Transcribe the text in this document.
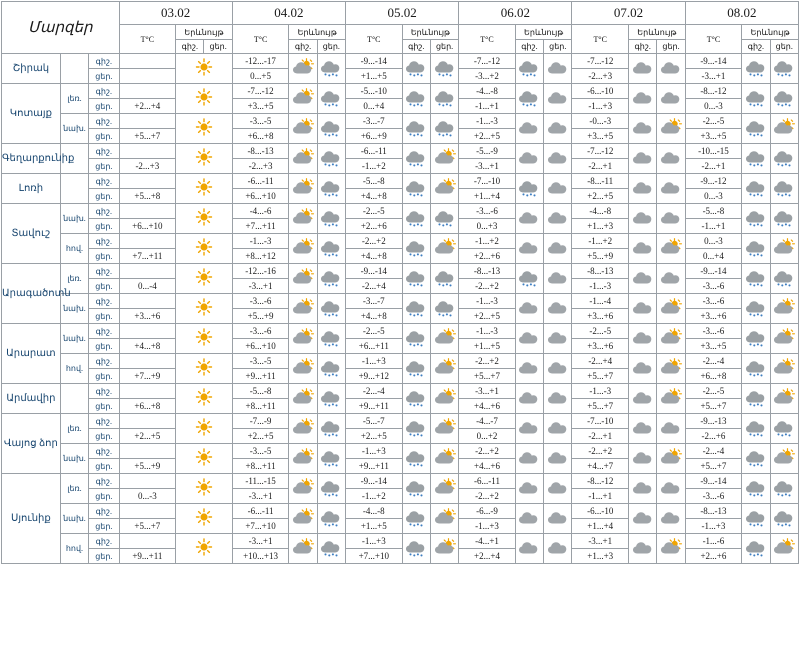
Մարզեր			03.02			04.02			05.02			06.02			07.02			08.02		
			T°C	Երևնույթ		T°C	Երևնույթ		T°C	Երևնույթ		T°C	Երևնույթ		T°C	Երևնույթ		T°C	Երևնույթ	
				գիշ.	ցեր.		գիշ.	ցեր.		գիշ.	ցեր.		գիշ.	ցեր.		գիշ.	ցեր.		գիշ.	ցեր.
Շիրակ		գիշ.				-12...-17			-9...-14			-7...-12			-7...-12			-9...-14	

		ցեր.				0...+5			+1...+5			-3...+2			-2...+3			-3...+1		
Կոտայք	լեռ.	գիշ.				-7...-12			-5...-10			-4...-8			-6...-10			-8...-12	

		ցեր.	+2...+4			+3...+5			0...+4			-1...+1			-1...+3			0...-3		
	նախ.	գիշ.				-3...-5			-3...-7			-1...-3			-0...-3			-2...-5	

		ցեր.	+5...+7			+6...+8			+6...+9			+2...+5			+3...+5			+3...+5		
Գեղարքունիք		գիշ.				-8...-13			-6...-11			-5...-9			-7...-12			-10...-15	

		ցեր.	-2...+3			-2...+3			-1...+2			-3...+1			-2...+1			-2...+1		
Լոռի		գիշ.				-6...-11			-5...-8			-7...-10			-8...-11			-9...-12	

		ցեր.	+5...+8			+6...+10			+4...+8			+1...+4			+2...+5			0...-3		
Տավուշ	նախ.	գիշ.				-4...-6			-2...-5			-3...-6			-4...-8			-5...-8	

		ցեր.	+6...+10			+7...+11			+2...+6			0...+3			+1...+3			-1...+1		
	հով.	գիշ.				-1...-3			-2...+2			-1...+2			-1...+2			0...-3	

		ցեր.	+7...+11			+8...+12			+4...+8			+2...+6			+5...+9			0...+4		
Արագածոտն	լեռ.	գիշ.				-12...-16			-9...-14			-8...-13			-8...-13			-9...-14	

		ցեր.	0...-4			-3...+1			-2...+4			-2...+2			-1...-3			-3...-6		
	նախ.	գիշ.				-3...-6			-3...-7			-1...-3			-1...-4			-3...-6	

		ցեր.	+3...+6			+5...+9			+4...+8			+2...+5			+3...+6			+3...+6		
Արարատ	նախ.	գիշ.				-3...-6			-2...-5			-1...-3			-2...-5			-3...-6	

		ցեր.	+4...+8			+6...+10			+6...+11			+1...+5			+3...+6			+3...+5		
	հով.	գիշ.				-3...-5			-1...+3			-2...+2			-2...+4			-2...-4	

		ցեր.	+7...+9			+9...+11			+9...+12			+5...+7			+5...+7			+6...+8		
Արմավիր		գիշ.				-5...-8			-2...-4			-3...+1			-1...-3			-2...-5	

		ցեր.	+6...+8			+8...+11			+9...+11			+4...+6			+5...+7			+5...+7		
Վայոց ձոր	լեռ.	գիշ.				-7...-9			-5...-7			-4...-7			-7...-10			-9...-13	

		ցեր.	+2...+5			+2...+5			+2...+5			0...+2			-2...+1			-2...+6		
	նախ.	գիշ.				-3...-5			-1...+3			-2...+2			-2...+2			-2...-4	

		ցեր.	+5...+9			+8...+11			+9...+11			+4...+6			+4...+7			+5...+7		
Սյունիք	լեռ.	գիշ.				-11...-15			-9...-14			-6...-11			-8...-12			-9...-14	

		ցեր.	0...-3			-3...+1			-1...+2			-2...+2			-1...+1			-3...-6		
	նախ.	գիշ.				-6...-11			-4...-8			-6...-9			-6...-10			-8...-13	

		ցեր.	+5...+7			+7...+10			+1...+5			-1...+3			+1...+4			-1...+3		
	հով.	գիշ.				-3...+1			-1...+3			-4...+1			-3...+1			-1...-6	

		ցեր.	+9...+11			+10...+13			+7...+10			+2...+4			+1...+3			+2...+6		
